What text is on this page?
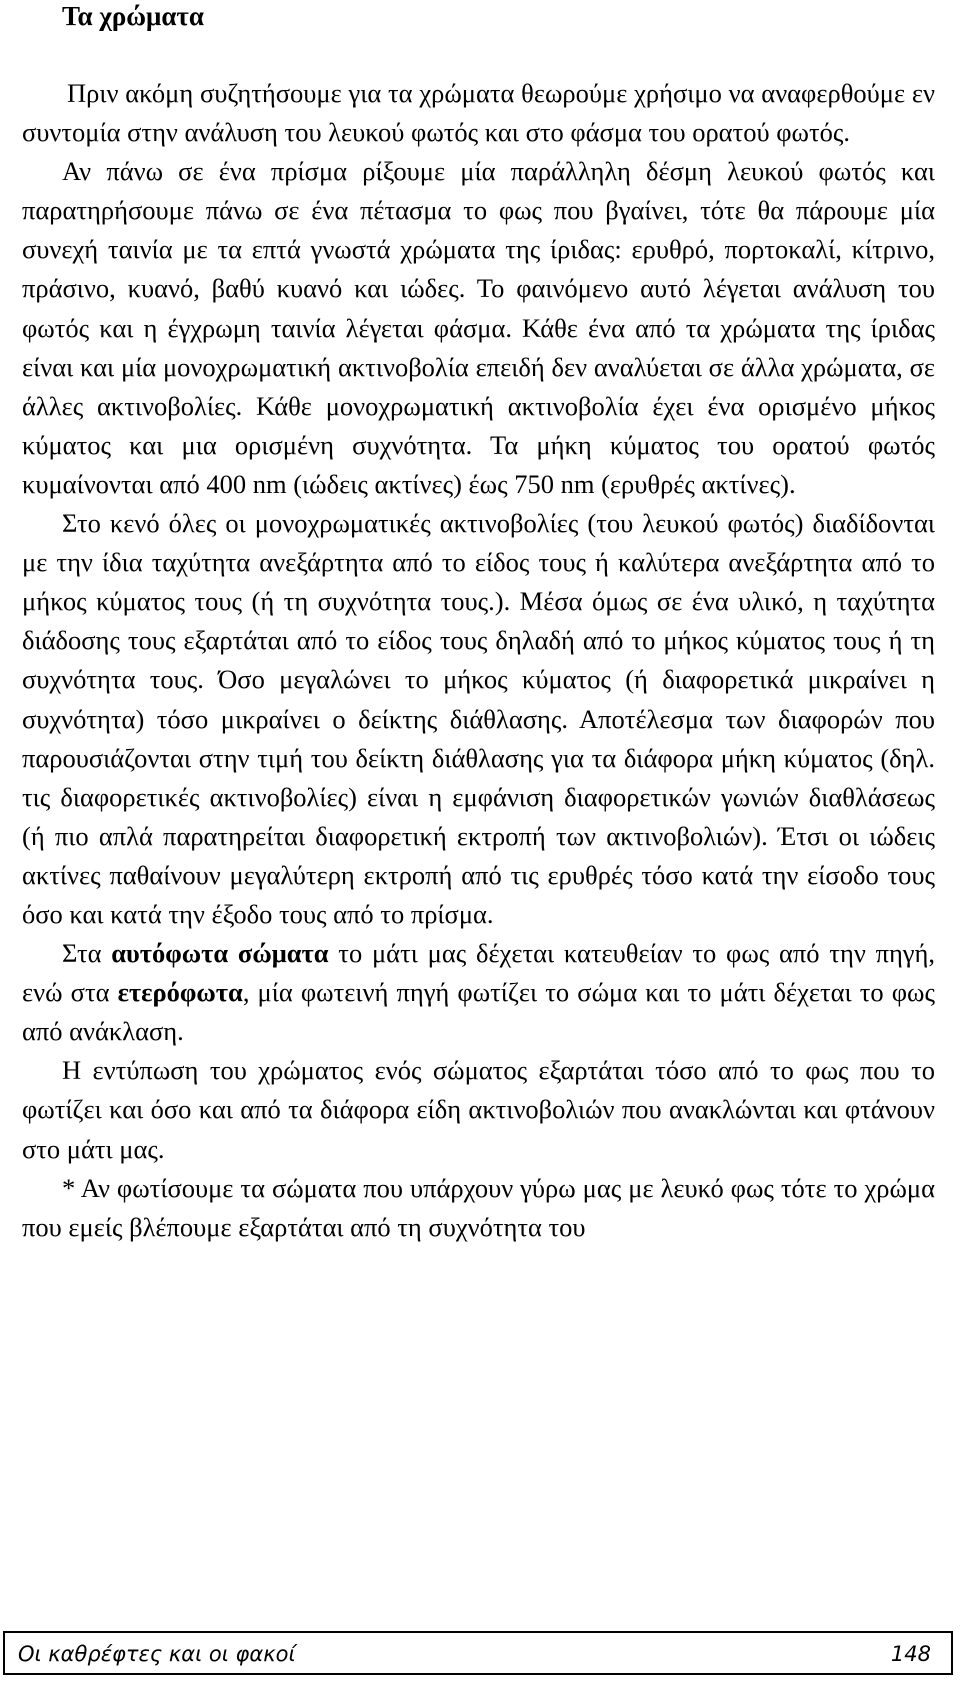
Τα χρώματα

Πριν ακόμη συζητήσουμε για τα χρώματα θεωρούμε χρήσιμο να αναφερθούμε εν συντομία στην ανάλυση του λευκού φωτός και στο φάσμα του ορατού φωτός.

Αν πάνω σε ένα πρίσμα ρίξουμε μία παράλληλη δέσμη λευκού φωτός και παρατηρήσουμε πάνω σε ένα πέτασμα το φως που βγαίνει, τότε θα πάρουμε μία συνεχή ταινία με τα επτά γνωστά χρώματα της ίριδας: ερυθρό, πορτοκαλί, κίτρινο, πράσινο, κυανό, βαθύ κυανό και ιώδες. Το φαινόμενο αυτό λέγεται ανάλυση του φωτός και η έγχρωμη ταινία λέγεται φάσμα. Κάθε ένα από τα χρώματα της ίριδας είναι και μία μονοχρωματική ακτινοβολία επειδή δεν αναλύεται σε άλλα χρώματα, σε άλλες ακτινοβολίες. Κάθε μονοχρωματική ακτινοβολία έχει ένα ορισμένο μήκος κύματος και μια ορισμένη συχνότητα. Τα μήκη κύματος του ορατού φωτός κυμαίνονται από 400 nm (ιώδεις ακτίνες) έως 750 nm (ερυθρές ακτίνες).

Στο κενό όλες οι μονοχρωματικές ακτινοβολίες (του λευκού φωτός) διαδίδονται με την ίδια ταχύτητα ανεξάρτητα από το είδος τους ή καλύτερα ανεξάρτητα από το μήκος κύματος τους (ή τη συχνότητα τους.). Μέσα όμως σε ένα υλικό, η ταχύτητα διάδοσης τους εξαρτάται από το είδος τους δηλαδή από το μήκος κύματος τους ή τη συχνότητα τους. Όσο μεγαλώνει το μήκος κύματος (ή διαφορετικά μικραίνει η συχνότητα) τόσο μικραίνει ο δείκτης διάθλασης. Αποτέλεσμα των διαφορών που παρουσιάζονται στην τιμή του δείκτη διάθλασης για τα διάφορα μήκη κύματος (δηλ. τις διαφορετικές ακτινοβολίες) είναι η εμφάνιση διαφορετικών γωνιών διαθλάσεως (ή πιο απλά παρατηρείται διαφορετική εκτροπή των ακτινοβολιών). Έτσι οι ιώδεις ακτίνες παθαίνουν μεγαλύτερη εκτροπή από τις ερυθρές τόσο κατά την είσοδο τους όσο και κατά την έξοδο τους από το πρίσμα.

Στα αυτόφωτα σώματα το μάτι μας δέχεται κατευθείαν το φως από την πηγή, ενώ στα ετερόφωτα, μία φωτεινή πηγή φωτίζει το σώμα και το μάτι δέχεται το φως από ανάκλαση.

Η εντύπωση του χρώματος ενός σώματος εξαρτάται τόσο από το φως που το φωτίζει και όσο και από τα διάφορα είδη ακτινοβολιών που ανακλώνται και φτάνουν στο μάτι μας.

* Αν φωτίσουμε τα σώματα που υπάρχουν γύρω μας με λευκό φως τότε το χρώμα που εμείς βλέπουμε εξαρτάται από τη συχνότητα του

Οι καθρέφτες και οι φακοί	148
